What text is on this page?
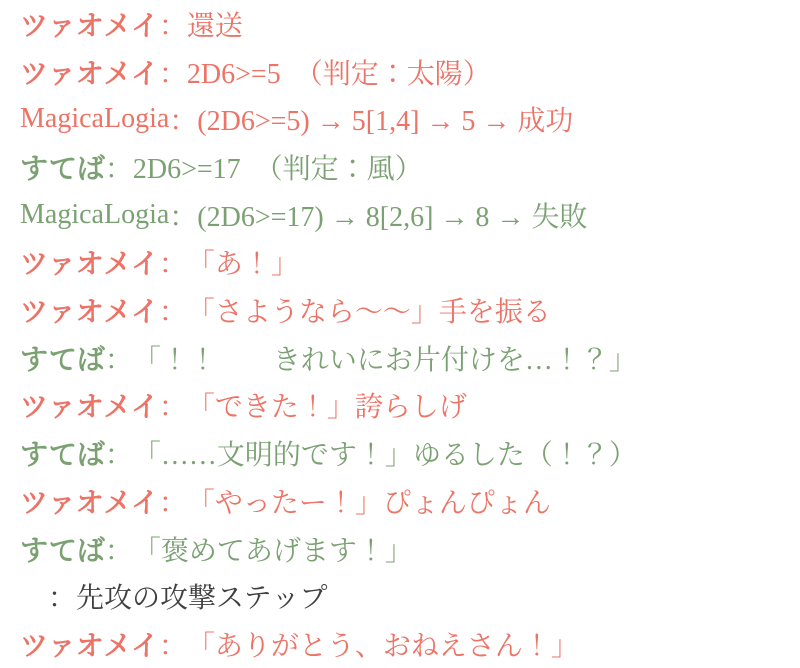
ツァオメイ ： 還送
ツァオメイ ： 2D6>=5　（判定：太陽）
MagicaLogia ： (2D6>=5) → 5[1,4] → 5 → 成功
すてば ： 2D6>=17　（判定：風）
MagicaLogia ： (2D6>=17) → 8[2,6] → 8 → 失敗
ツァオメイ ： 「あ！」
ツァオメイ ： 「さようなら〜〜」手を振る
すてば ： 「！！　　きれいにお片付けを…！？」
ツァオメイ ： 「できた！」誇らしげ
すてば ： 「……文明的です！」ゆるした（！？）
ツァオメイ ： 「やったー！」ぴょんぴょん
すてば ： 「褒めてあげます！」

： 先攻の攻撃ステップ
ツァオメイ ： 「ありがとう、おねえさん！」
